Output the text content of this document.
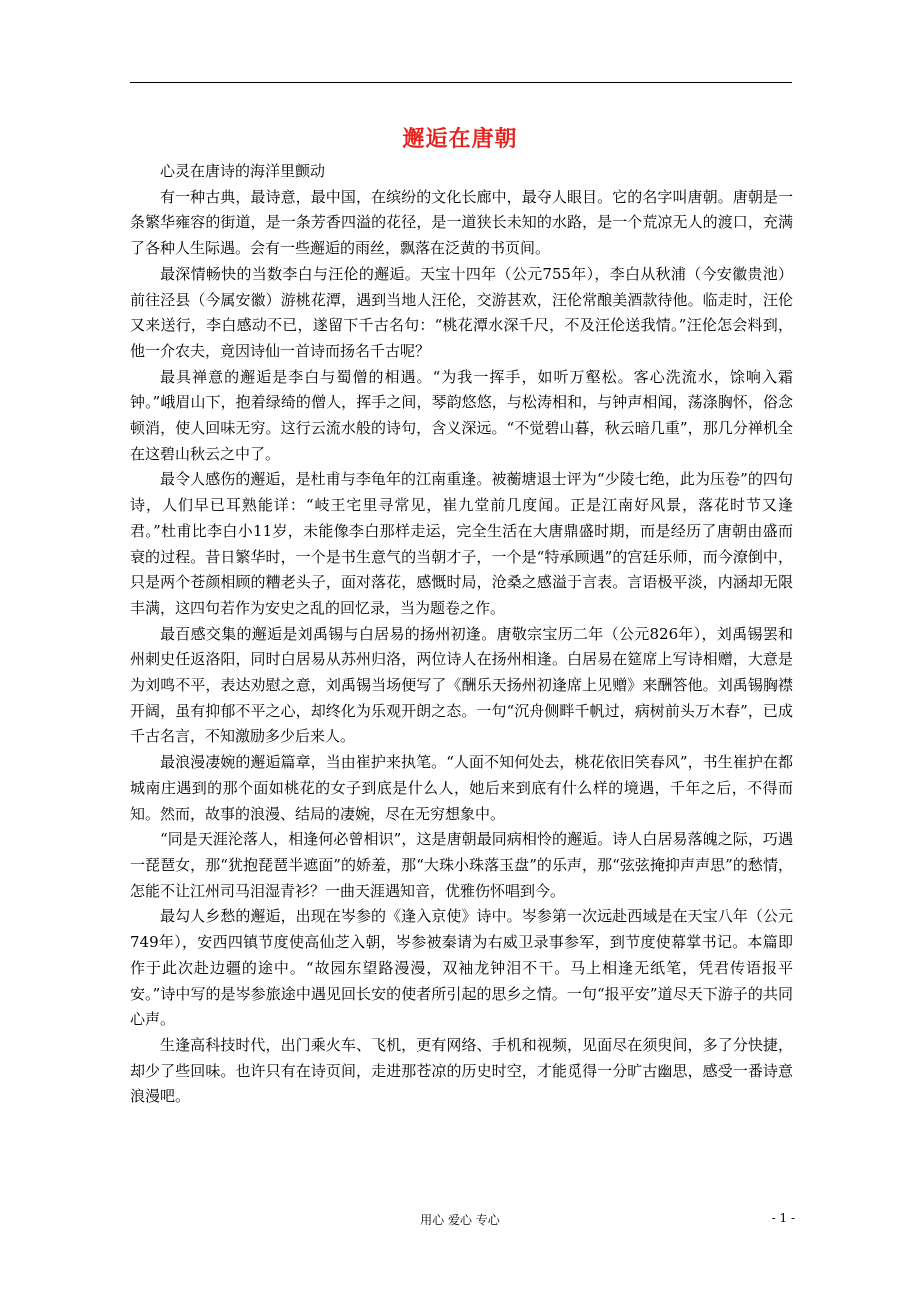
邂逅在唐朝

心灵在唐诗的海洋里颤动

有一种古典，最诗意，最中国，在缤纷的文化长廊中，最夺人眼目。它的名字叫唐朝。唐朝是一条繁华雍容的街道，是一条芳香四溢的花径，是一道狭长未知的水路，是一个荒凉无人的渡口，充满了各种人生际遇。会有一些邂逅的雨丝，飘落在泛黄的书页间。

最深情畅快的当数李白与汪伦的邂逅。天宝十四年（公元755年），李白从秋浦（今安徽贵池）前往泾县（今属安徽）游桃花潭，遇到当地人汪伦，交游甚欢，汪伦常酿美酒款待他。临走时，汪伦又来送行，李白感动不已，遂留下千古名句：“桃花潭水深千尺，不及汪伦送我情。”汪伦怎会料到，他一介农夫，竟因诗仙一首诗而扬名千古呢？

最具禅意的邂逅是李白与蜀僧的相遇。“为我一挥手，如听万壑松。客心洗流水，馀响入霜钟。”峨眉山下，抱着绿绮的僧人，挥手之间，琴韵悠悠，与松涛相和，与钟声相闻，荡涤胸怀，俗念顿消，使人回味无穷。这行云流水般的诗句，含义深远。“不觉碧山暮，秋云暗几重”，那几分禅机全在这碧山秋云之中了。

最令人感伤的邂逅，是杜甫与李龟年的江南重逢。被蘅塘退士评为“少陵七绝，此为压卷”的四句诗，人们早已耳熟能详：“岐王宅里寻常见，崔九堂前几度闻。正是江南好风景，落花时节又逢君。”杜甫比李白小11岁，未能像李白那样走运，完全生活在大唐鼎盛时期，而是经历了唐朝由盛而衰的过程。昔日繁华时，一个是书生意气的当朝才子，一个是“特承顾遇”的宫廷乐师，而今潦倒中，只是两个苍颜相顾的糟老头子，面对落花，感慨时局，沧桑之感溢于言表。言语极平淡，内涵却无限丰满，这四句若作为安史之乱的回忆录，当为题卷之作。

最百感交集的邂逅是刘禹锡与白居易的扬州初逢。唐敬宗宝历二年（公元826年），刘禹锡罢和州刺史任返洛阳，同时白居易从苏州归洛，两位诗人在扬州相逢。白居易在筵席上写诗相赠，大意是为刘鸣不平，表达劝慰之意，刘禹锡当场便写了《酬乐天扬州初逢席上见赠》来酬答他。刘禹锡胸襟开阔，虽有抑郁不平之心，却终化为乐观开朗之态。一句“沉舟侧畔千帆过，病树前头万木春”，已成千古名言，不知激励多少后来人。

最浪漫凄婉的邂逅篇章，当由崔护来执笔。“人面不知何处去，桃花依旧笑春风”，书生崔护在都城南庄遇到的那个面如桃花的女子到底是什么人，她后来到底有什么样的境遇，千年之后，不得而知。然而，故事的浪漫、结局的凄婉，尽在无穷想象中。

“同是天涯沦落人，相逢何必曾相识”，这是唐朝最同病相怜的邂逅。诗人白居易落魄之际，巧遇一琵琶女，那“犹抱琵琶半遮面”的娇羞，那“大珠小珠落玉盘”的乐声，那“弦弦掩抑声声思”的愁情，怎能不让江州司马泪湿青衫？一曲天涯遇知音，优雅伤怀唱到今。

最勾人乡愁的邂逅，出现在岑参的《逢入京使》诗中。岑参第一次远赴西域是在天宝八年（公元749年），安西四镇节度使高仙芝入朝，岑参被秦请为右威卫录事参军，到节度使幕掌书记。本篇即作于此次赴边疆的途中。“故园东望路漫漫，双袖龙钟泪不干。马上相逢无纸笔，凭君传语报平安。”诗中写的是岑参旅途中遇见回长安的使者所引起的思乡之情。一句“报平安”道尽天下游子的共同心声。

生逢高科技时代，出门乘火车、飞机，更有网络、手机和视频，见面尽在须臾间，多了分快捷，却少了些回味。也许只有在诗页间，走进那苍凉的历史时空，才能觅得一分旷古幽思，感受一番诗意浪漫吧。

用心 爱心 专心	- 1 -
